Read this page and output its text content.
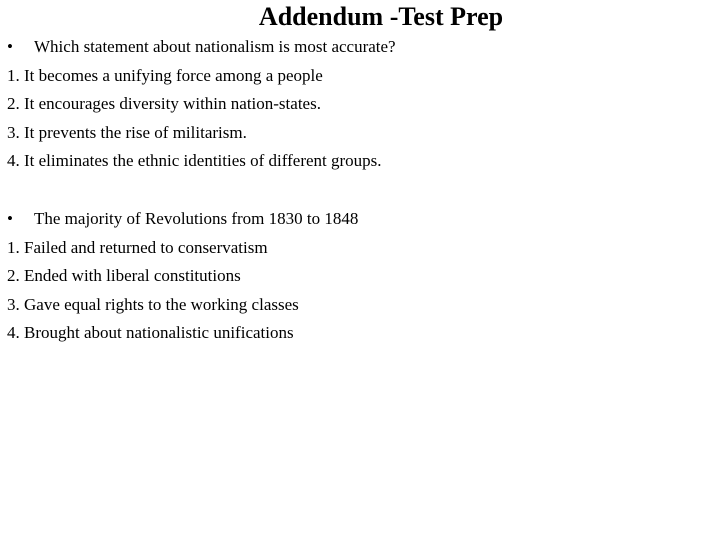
Addendum -Test Prep
• Which statement about nationalism is most accurate?
1. It becomes a unifying force among a people
2. It encourages diversity within nation-states.
3. It prevents the rise of militarism.
4. It eliminates the ethnic identities of different groups.
• The majority of Revolutions from 1830 to 1848
1. Failed and returned to conservatism
2. Ended with liberal constitutions
3. Gave equal rights to the working classes
4. Brought about nationalistic unifications
